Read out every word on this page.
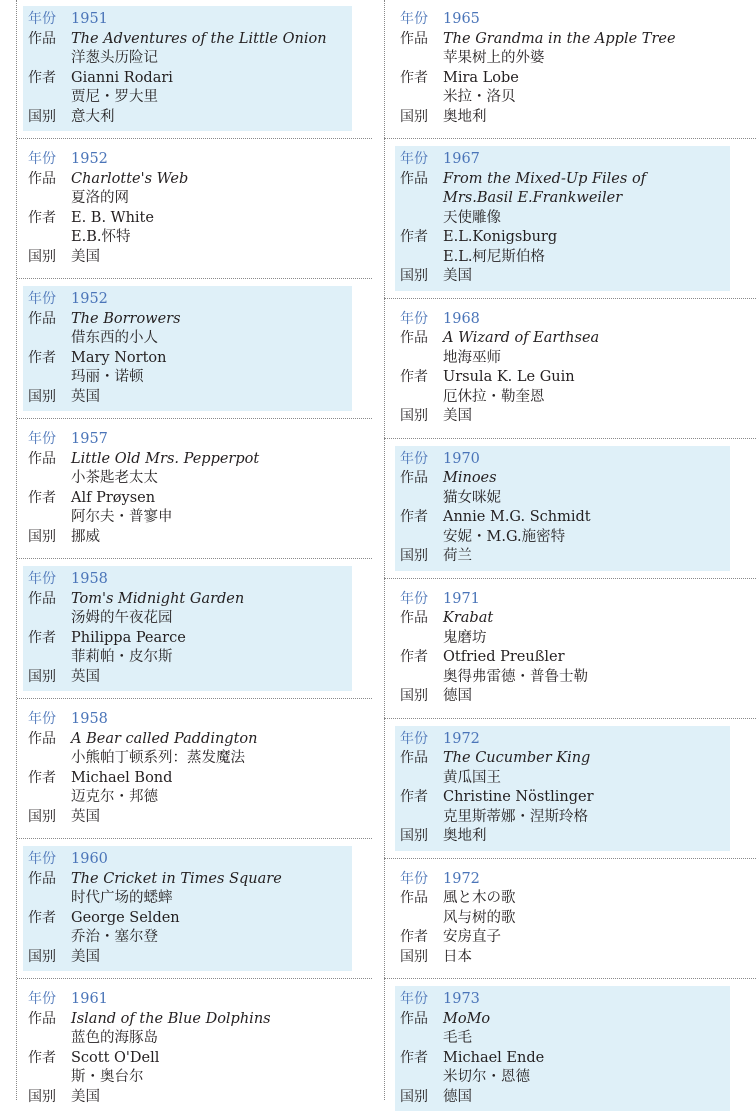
年份	1951
作品	The Adventures of the Little Onion
洋葱头历险记
作者	Gianni Rodari
贾尼・罗大里
国别	意大利
年份	1952
作品	Charlotte's Web
夏洛的网
作者	E. B. White
E.B.怀特
国别	美国
年份	1952
作品	The Borrowers
借东西的小人
作者	Mary Norton
玛丽・诺顿
国别	英国
年份	1957
作品	Little Old Mrs. Pepperpot
小茶匙老太太
作者	Alf Prøysen
阿尔夫・普寥申
国别	挪威
年份	1958
作品	Tom's Midnight Garden
汤姆的午夜花园
作者	Philippa Pearce
菲莉帕・皮尔斯
国别	英国
年份	1958
作品	A Bear called Paddington
小熊帕丁顿系列：蒸发魔法
作者	Michael Bond
迈克尔・邦德
国别	英国
年份	1960
作品	The Cricket in Times Square
时代广场的蟋蟀
作者	George Selden
乔治・塞尔登
国别	美国
年份	1961
作品	Island of the Blue Dolphins
蓝色的海豚岛
作者	Scott O'Dell
斯・奥台尔
国别	美国
年份	1965
作品	The Grandma in the Apple Tree
苹果树上的外婆
作者	Mira Lobe
米拉・洛贝
国别	奥地利
年份	1967
作品	From the Mixed-Up Files of
Mrs.Basil E.Frankweiler
天使雕像
作者	E.L.Konigsburg
E.L.柯尼斯伯格
国别	美国
年份	1968
作品	A Wizard of Earthsea
地海巫师
作者	Ursula K. Le Guin
厄休拉・勒奎恩
国别	美国
年份	1970
作品	Minoes
猫女咪妮
作者	Annie M.G. Schmidt
安妮・M.G.施密特
国别	荷兰
年份	1971
作品	Krabat
鬼磨坊
作者	Otfried Preußler
奥得弗雷德・普鲁士勒
国别	德国
年份	1972
作品	The Cucumber King
黄瓜国王
作者	Christine Nöstlinger
克里斯蒂娜・涅斯玲格
国别	奥地利
年份	1972
作品	風と木の歌
风与树的歌
作者	安房直子
国别	日本
年份	1973
作品	MoMo
毛毛
作者	Michael Ende
米切尔・恩德
国别	德国
